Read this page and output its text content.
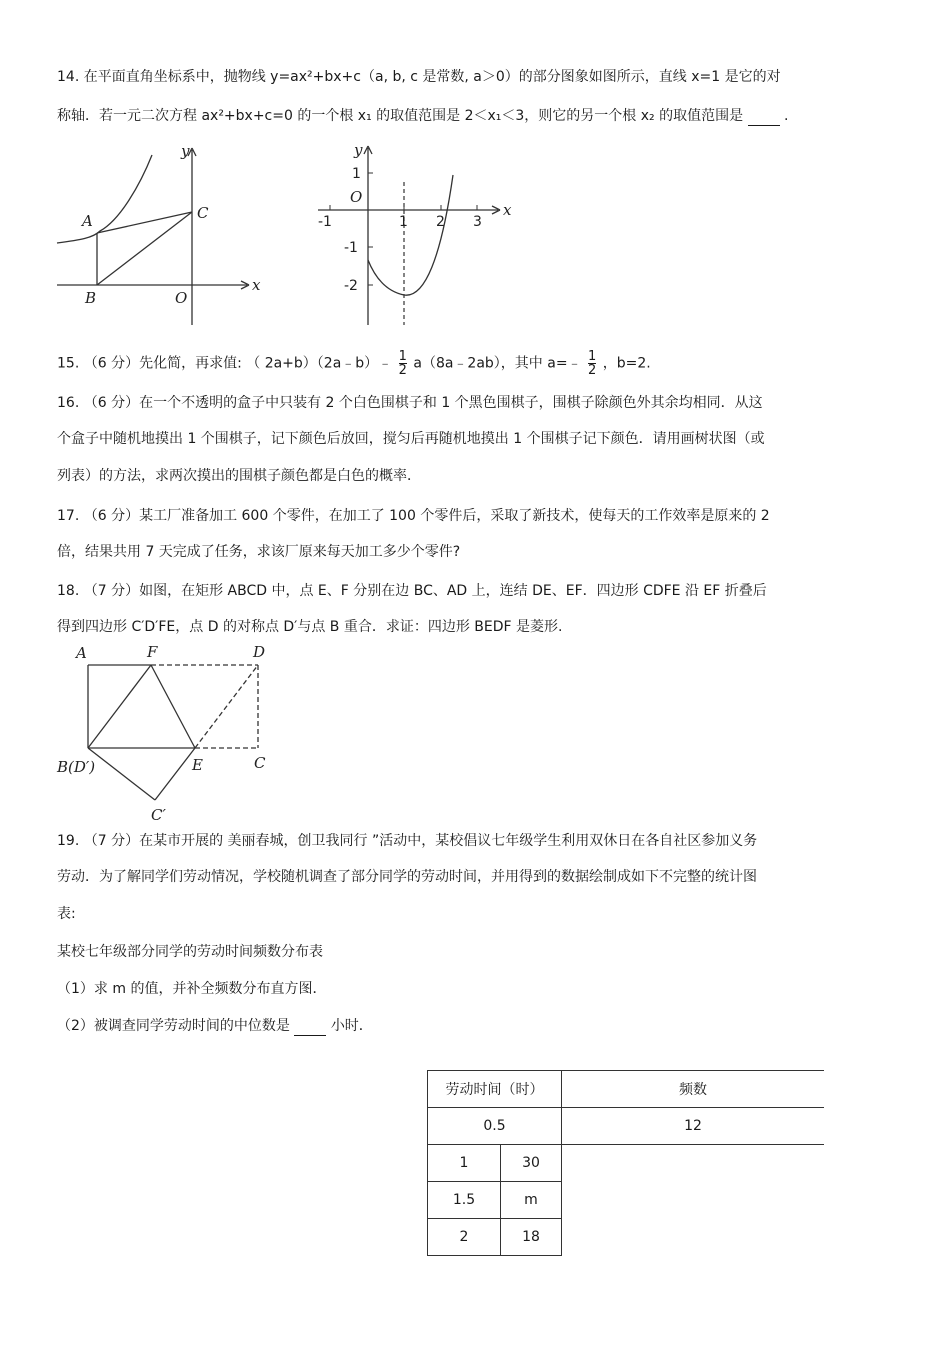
14. 在平面直角坐标系中，抛物线 y=ax²+bx+c（a, b, c 是常数, a＞0）的部分图象如图所示，直线 x=1 是它的对
称轴．若一元二次方程 ax²+bx+c=0 的一个根 x₁ 的取值范围是 2＜x₁＜3，则它的另一个根 x₂ 的取值范围是	.
y
x
A
B
C
O
y
x
O
-1	1 2 3
1
-1
-2
15. （6 分）先化简，再求值: （ 2a+b）（2a﹣b）﹣ $\frac{1}{2}$ a（8a﹣2ab），其中 a=﹣ $\frac{1}{2}$ ，b=2.
16. （6 分）在一个不透明的盒子中只装有 2 个白色围棋子和 1 个黑色围棋子，围棋子除颜色外其余均相同．从这
个盒子中随机地摸出 1 个围棋子，记下颜色后放回，搅匀后再随机地摸出 1 个围棋子记下颜色．请用画树状图（或
列表）的方法，求两次摸出的围棋子颜色都是白色的概率．
17. （6 分）某工厂准备加工 600 个零件，在加工了 100 个零件后，采取了新技术，使每天的工作效率是原来的 2
倍，结果共用 7 天完成了任务，求该厂原来每天加工多少个零件?
18. （7 分）如图，在矩形 ABCD 中，点 E、F 分别在边 BC、AD 上，连结 DE、EF．四边形 CDFE 沿 EF 折叠后
得到四边形 C′D′FE，点 D 的对称点 D′与点 B 重合．求证：四边形 BEDF 是菱形.
A	F	D
B(D′)	E	C
C′
19. （7 分）在某市开展的 美丽春城，创卫我同行 ”活动中，某校倡议七年级学生利用双休日在各自社区参加义务
劳动．为了解同学们劳动情况，学校随机调查了部分同学的劳动时间，并用得到的数据绘制成如下不完整的统计图
表:
某校七年级部分同学的劳动时间频数分布表
（1）求 m 的值，并补全频数分布直方图．
（2）被调查同学劳动时间的中位数是	小时．
劳动时间（时）		频数
0.5		12
1	30	
1.5	m	
2	18	
